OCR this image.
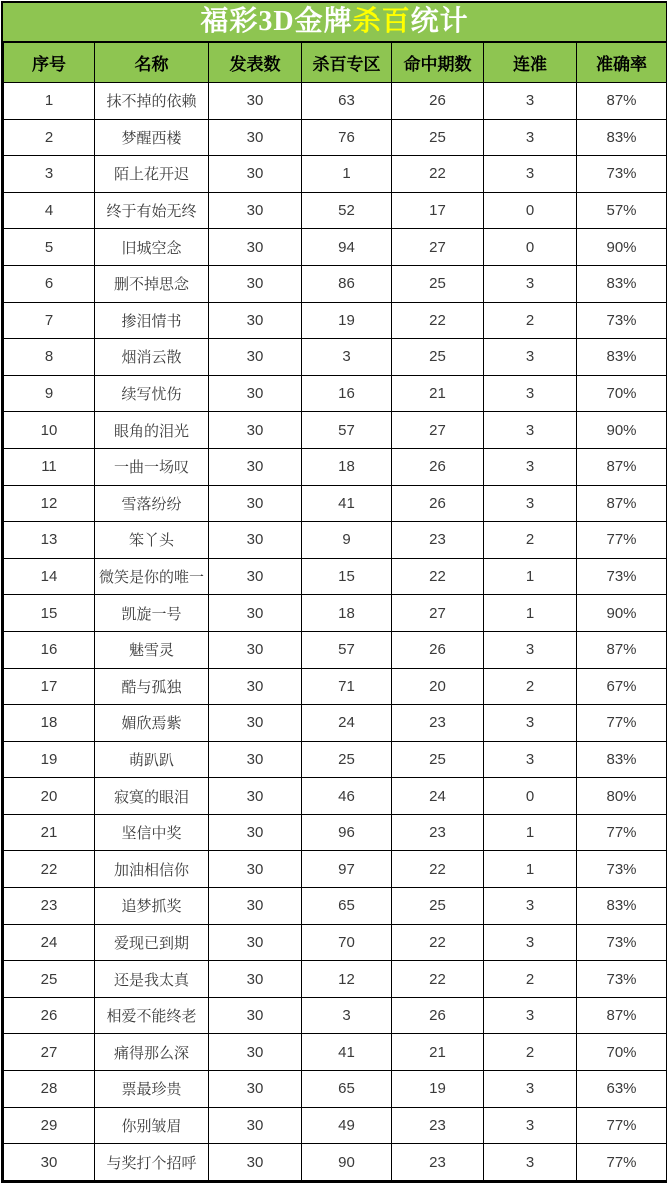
福彩3D金牌杀百统计
序号	名称	发表数	杀百专区	命中期数	连准	准确率
1	抹不掉的依赖	30	63	26	3	87%
2	梦醒西楼	30	76	25	3	83%
3	陌上花开迟	30	1	22	3	73%
4	终于有始无终	30	52	17	0	57%
5	旧城空念	30	94	27	0	90%
6	删不掉思念	30	86	25	3	83%
7	掺泪情书	30	19	22	2	73%
8	烟消云散	30	3	25	3	83%
9	续写忧伤	30	16	21	3	70%
10	眼角的泪光	30	57	27	3	90%
11	一曲一场叹	30	18	26	3	87%
12	雪落纷纷	30	41	26	3	87%
13	笨丫头	30	9	23	2	77%
14	微笑是你的唯一	30	15	22	1	73%
15	凯旋一号	30	18	27	1	90%
16	魅雪灵	30	57	26	3	87%
17	酷与孤独	30	71	20	2	67%
18	媚欣焉紫	30	24	23	3	77%
19	萌趴趴	30	25	25	3	83%
20	寂寞的眼泪	30	46	24	0	80%
21	坚信中奖	30	96	23	1	77%
22	加油相信你	30	97	22	1	73%
23	追梦抓奖	30	65	25	3	83%
24	爱现已到期	30	70	22	3	73%
25	还是我太真	30	12	22	2	73%
26	相爱不能终老	30	3	26	3	87%
27	痛得那么深	30	41	21	2	70%
28	票最珍贵	30	65	19	3	63%
29	你别皱眉	30	49	23	3	77%
30	与奖打个招呼	30	90	23	3	77%
